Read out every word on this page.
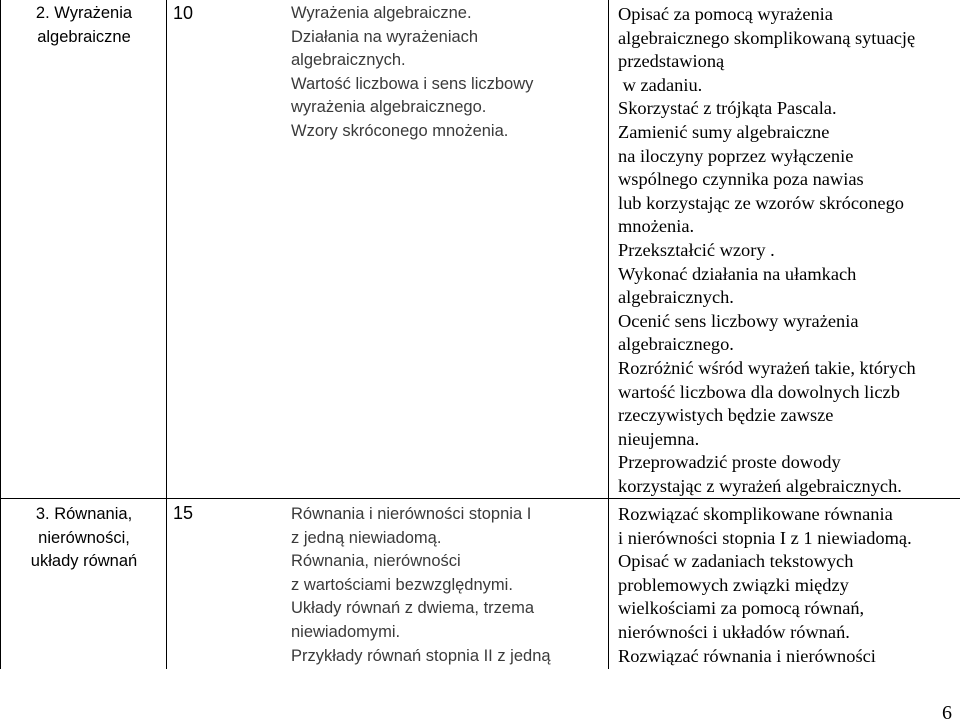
2. Wyrażenia
algebraiczne
10	Wyrażenia algebraiczne.
Działania na wyrażeniach
algebraicznych.
Wartość liczbowa i sens liczbowy
wyrażenia algebraicznego.
Wzory skróconego mnożenia.
Opisać za pomocą wyrażenia
algebraicznego skomplikowaną sytuację
przedstawioną
w zadaniu.
Skorzystać z trójkąta Pascala.
Zamienić sumy algebraiczne
na iloczyny poprzez wyłączenie
wspólnego czynnika poza nawias
lub korzystając ze wzorów skróconego
mnożenia.
Przekształcić wzory .
Wykonać działania na ułamkach
algebraicznych.
Ocenić sens liczbowy wyrażenia
algebraicznego.
Rozróżnić wśród wyrażeń takie, których
wartość liczbowa dla dowolnych liczb
rzeczywistych będzie zawsze
nieujemna.
Przeprowadzić proste dowody
korzystając z wyrażeń algebraicznych.
3. Równania,
nierówności,
układy równań
15	Równania i nierówności stopnia I
z jedną niewiadomą.
Równania, nierówności
z wartościami bezwzględnymi.
Układy równań z dwiema, trzema
niewiadomymi.
Przykłady równań stopnia II z jedną
Rozwiązać skomplikowane równania
i nierówności stopnia I z 1 niewiadomą.
Opisać w zadaniach tekstowych
problemowych związki między
wielkościami za pomocą równań,
nierówności i układów równań.
Rozwiązać równania i nierówności
6
